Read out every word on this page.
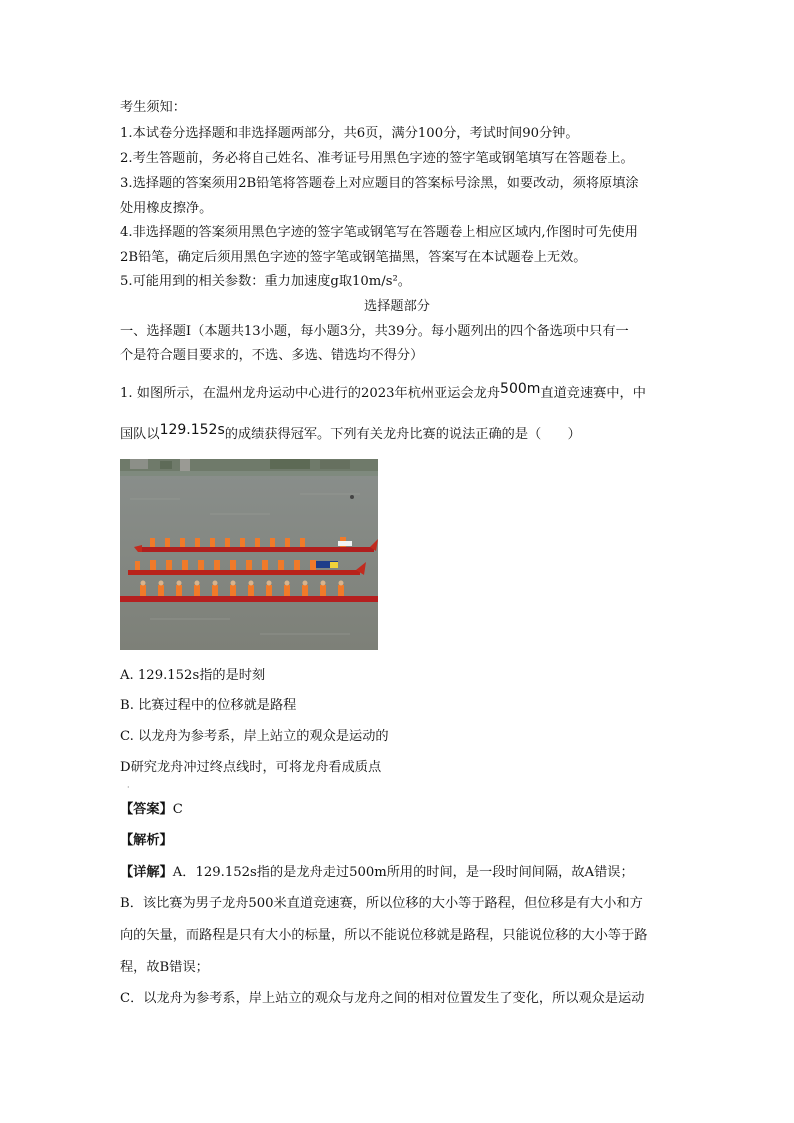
考生须知：
1.本试卷分选择题和非选择题两部分，共6页，满分100分，考试时间90分钟。
2.考生答题前，务必将自己姓名、准考证号用黑色字迹的签字笔或钢笔填写在答题卷上。
3.选择题的答案须用2B铅笔将答题卷上对应题目的答案标号涂黑，如要改动，须将原填涂
处用橡皮擦净。
4.非选择题的答案须用黑色字迹的签字笔或钢笔写在答题卷上相应区域内,作图时可先使用
2B铅笔，确定后须用黑色字迹的签字笔或钢笔描黑，答案写在本试题卷上无效。
5.可能用到的相关参数：重力加速度g取10m/s²。
选择题部分
一、选择题Ⅰ（本题共13小题，每小题3分，共39分。每小题列出的四个备选项中只有一
个是符合题目要求的，不选、多选、错选均不得分）
1. 如图所示，在温州龙舟运动中心进行的2023年杭州亚运会龙舟500m直道竞速赛中，中
国队以129.152s的成绩获得冠军。下列有关龙舟比赛的说法正确的是（　　）
A. 129.152s指的是时刻
B. 比赛过程中的位移就是路程
C. 以龙舟为参考系，岸上站立的观众是运动的
D研究龙舟冲过终点线时，可将龙舟看成质点
·
【答案】C
【解析】
【详解】A．129.152s指的是龙舟走过500m所用的时间，是一段时间间隔，故A错误；
B．该比赛为男子龙舟500米直道竞速赛，所以位移的大小等于路程，但位移是有大小和方
向的矢量，而路程是只有大小的标量，所以不能说位移就是路程，只能说位移的大小等于路
程，故B错误；
C．以龙舟为参考系，岸上站立的观众与龙舟之间的相对位置发生了变化，所以观众是运动
